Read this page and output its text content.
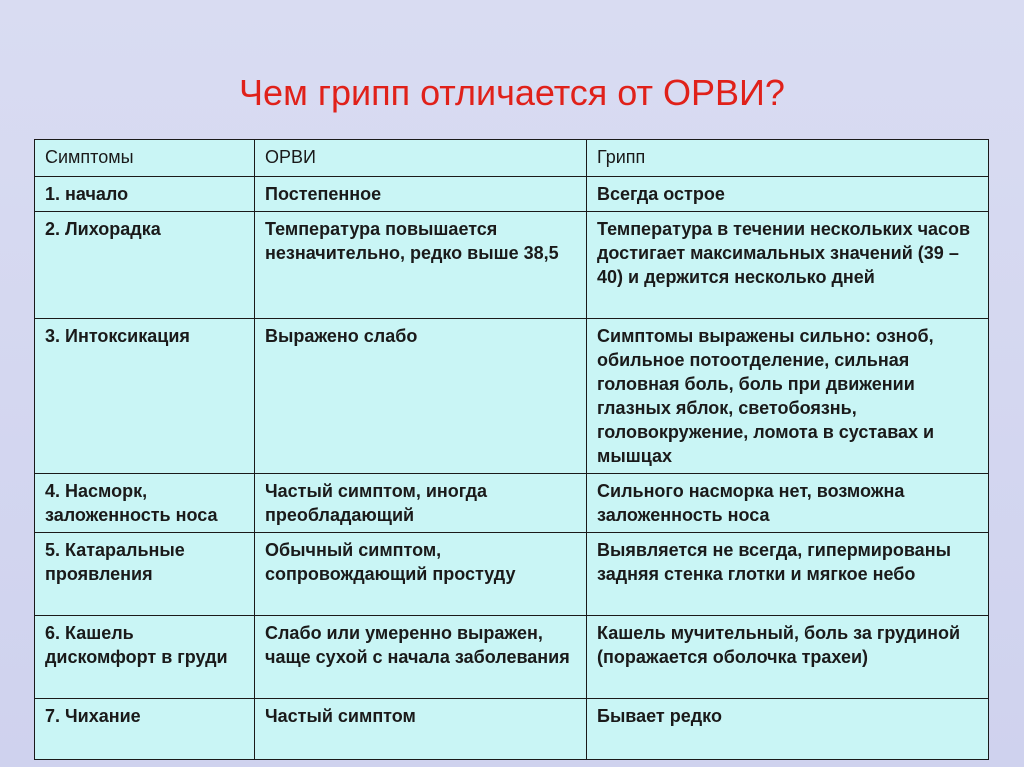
Чем грипп отличается от ОРВИ?
Симптомы	ОРВИ	Грипп
1. начало	Постепенное	Всегда острое
2. Лихорадка	Температура повышается незначительно, редко выше 38,5	Температура в течении нескольких часов достигает максимальных значений (39 – 40) и держится несколько дней
3. Интоксикация	Выражено слабо	Симптомы выражены сильно: озноб, обильное потоотделение, сильная головная боль, боль при движении глазных яблок, светобоязнь, головокружение, ломота в суставах и мышцах
4. Насморк, заложенность носа	Частый симптом, иногда преобладающий	Сильного насморка нет, возможна заложенность носа
5. Катаральные проявления	Обычный симптом, сопровождающий простуду	Выявляется не всегда, гипермированы задняя стенка глотки и мягкое небо
6. Кашель дискомфорт в груди	Слабо или умеренно выражен, чаще сухой с начала заболевания	Кашель мучительный, боль за грудиной (поражается оболочка трахеи)
7. Чихание	Частый симптом	Бывает редко
